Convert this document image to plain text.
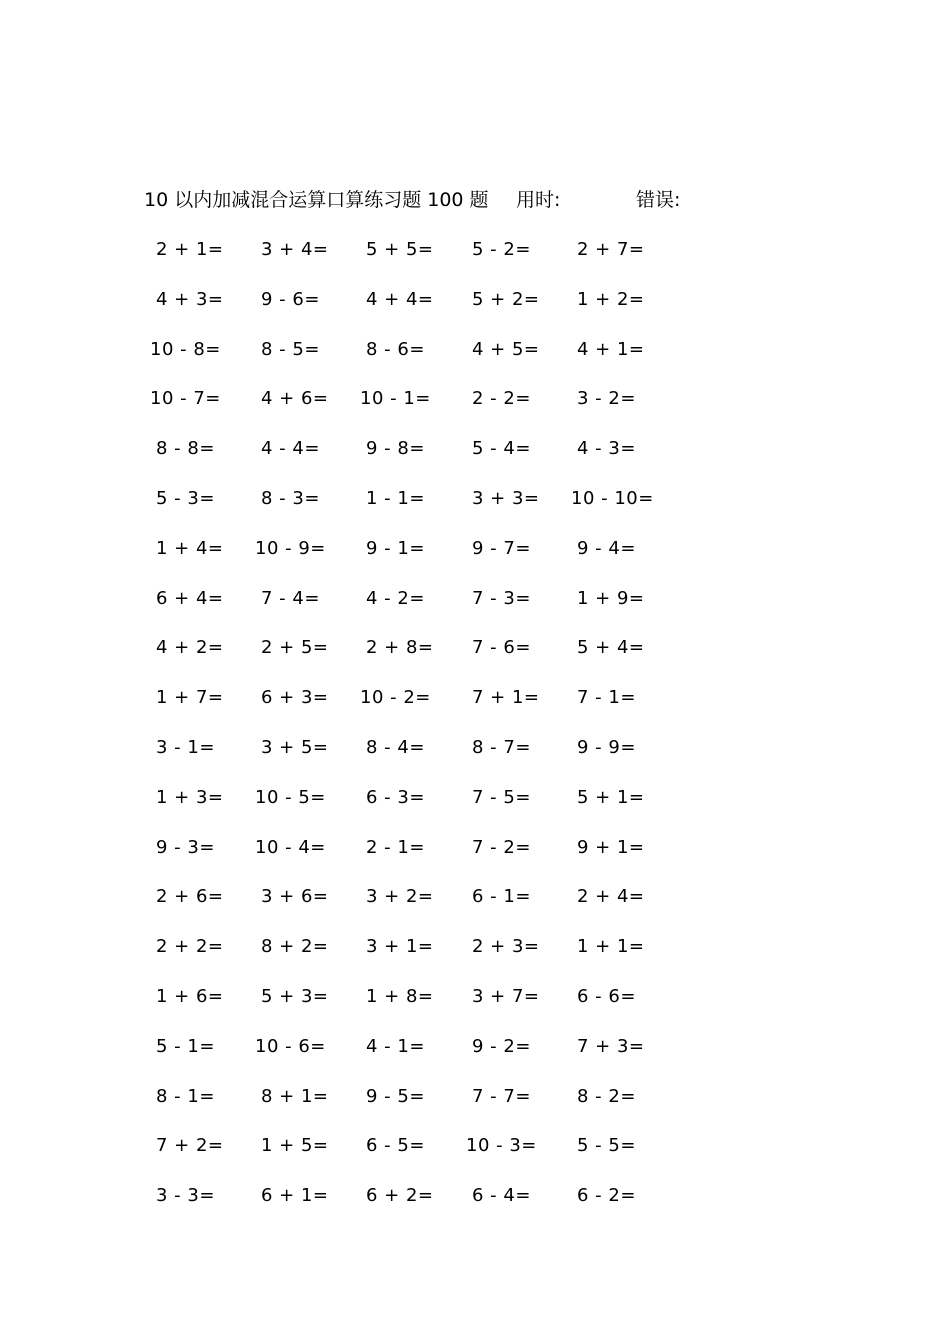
10 以内加减混合运算口算练习题 100 题 用时:	错误:
2 + 1= 3 + 4= 5 + 5= 5 - 2=	2 + 7=
4 + 3= 9 - 6=	4 + 4= 5 + 2= 1 + 2=
10 - 8= 8 - 5=	8 - 6=	4 + 5= 4 + 1=
10 - 7= 4 + 6= 10 - 1= 2 - 2=	3 - 2=
8 - 8=	4 - 4=	9 - 8=	5 - 4=	4 - 3=
5 - 3=	8 - 3=	1 - 1=	3 + 3= 10 - 10=
1 + 4= 10 - 9= 9 - 1=	9 - 7=	9 - 4=
6 + 4= 7 - 4=	4 - 2=	7 - 3=	1 + 9=
4 + 2= 2 + 5= 2 + 8= 7 - 6=	5 + 4=
1 + 7= 6 + 3= 10 - 2= 7 + 1= 7 - 1=
3 - 1=	3 + 5= 8 - 4=	8 - 7=	9 - 9=
1 + 3= 10 - 5= 6 - 3=	7 - 5=	5 + 1=
9 - 3= 10 - 4= 2 - 1=	7 - 2=	9 + 1=
2 + 6= 3 + 6= 3 + 2= 6 - 1=	2 + 4=
2 + 2= 8 + 2= 3 + 1= 2 + 3= 1 + 1=
1 + 6= 5 + 3= 1 + 8= 3 + 7= 6 - 6=
5 - 1= 10 - 6= 4 - 1=	9 - 2=	7 + 3=
8 - 1=	8 + 1= 9 - 5=	7 - 7=	8 - 2=
7 + 2= 1 + 5= 6 - 5= 10 - 3= 5 - 5=
3 - 3=	6 + 1= 6 + 2= 6 - 4=	6 - 2=
